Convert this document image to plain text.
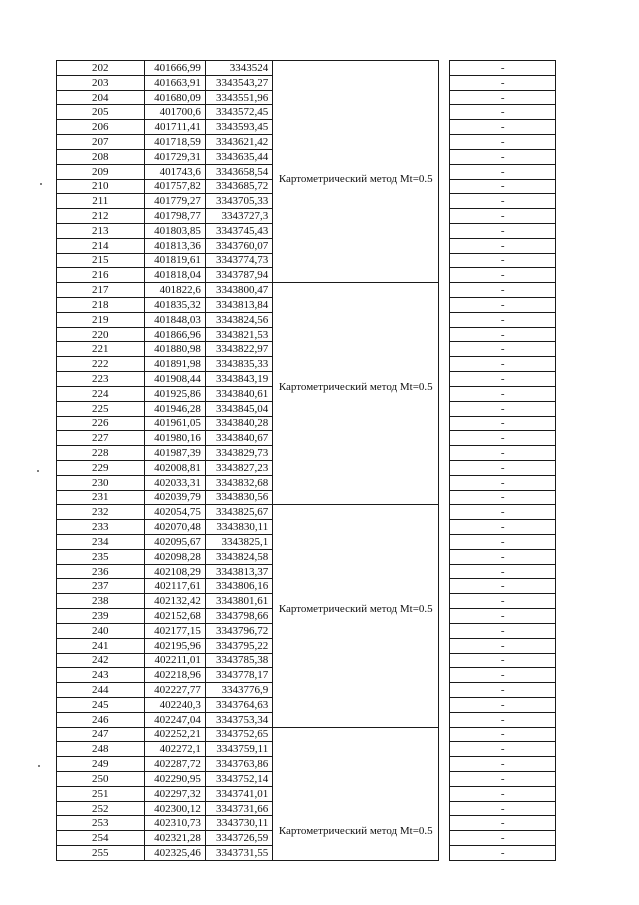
202	401666,99	3343524	Картометрический метод Mt=0.5		-
203	401663,91	3343543,27			-
204	401680,09	3343551,96			-
205	401700,6	3343572,45			-
206	401711,41	3343593,45			-
207	401718,59	3343621,42			-
208	401729,31	3343635,44			-
209	401743,6	3343658,54			-
210	401757,82	3343685,72			-
211	401779,27	3343705,33			-
212	401798,77	3343727,3			-
213	401803,85	3343745,43			-
214	401813,36	3343760,07			-
215	401819,61	3343774,73			-
216	401818,04	3343787,94			-
217	401822,6	3343800,47	Картометрический метод Mt=0.5		-
218	401835,32	3343813,84			-
219	401848,03	3343824,56			-
220	401866,96	3343821,53			-
221	401880,98	3343822,97			-
222	401891,98	3343835,33			-
223	401908,44	3343843,19			-
224	401925,86	3343840,61			-
225	401946,28	3343845,04			-
226	401961,05	3343840,28			-
227	401980,16	3343840,67			-
228	401987,39	3343829,73			-
229	402008,81	3343827,23			-
230	402033,31	3343832,68			-
231	402039,79	3343830,56			-
232	402054,75	3343825,67	Картометрический метод Mt=0.5		-
233	402070,48	3343830,11			-
234	402095,67	3343825,1			-
235	402098,28	3343824,58			-
236	402108,29	3343813,37			-
237	402117,61	3343806,16			-
238	402132,42	3343801,61			-
239	402152,68	3343798,66			-
240	402177,15	3343796,72			-
241	402195,96	3343795,22			-
242	402211,01	3343785,38			-
243	402218,96	3343778,17			-
244	402227,77	3343776,9			-
245	402240,3	3343764,63			-
246	402247,04	3343753,34			-
247	402252,21	3343752,65	Картометрический метод Mt=0.5		-
248	402272,1	3343759,11			-
249	402287,72	3343763,86			-
250	402290,95	3343752,14			-
251	402297,32	3343741,01			-
252	402300,12	3343731,66			-
253	402310,73	3343730,11			-
254	402321,28	3343726,59			-
255	402325,46	3343731,55			-
